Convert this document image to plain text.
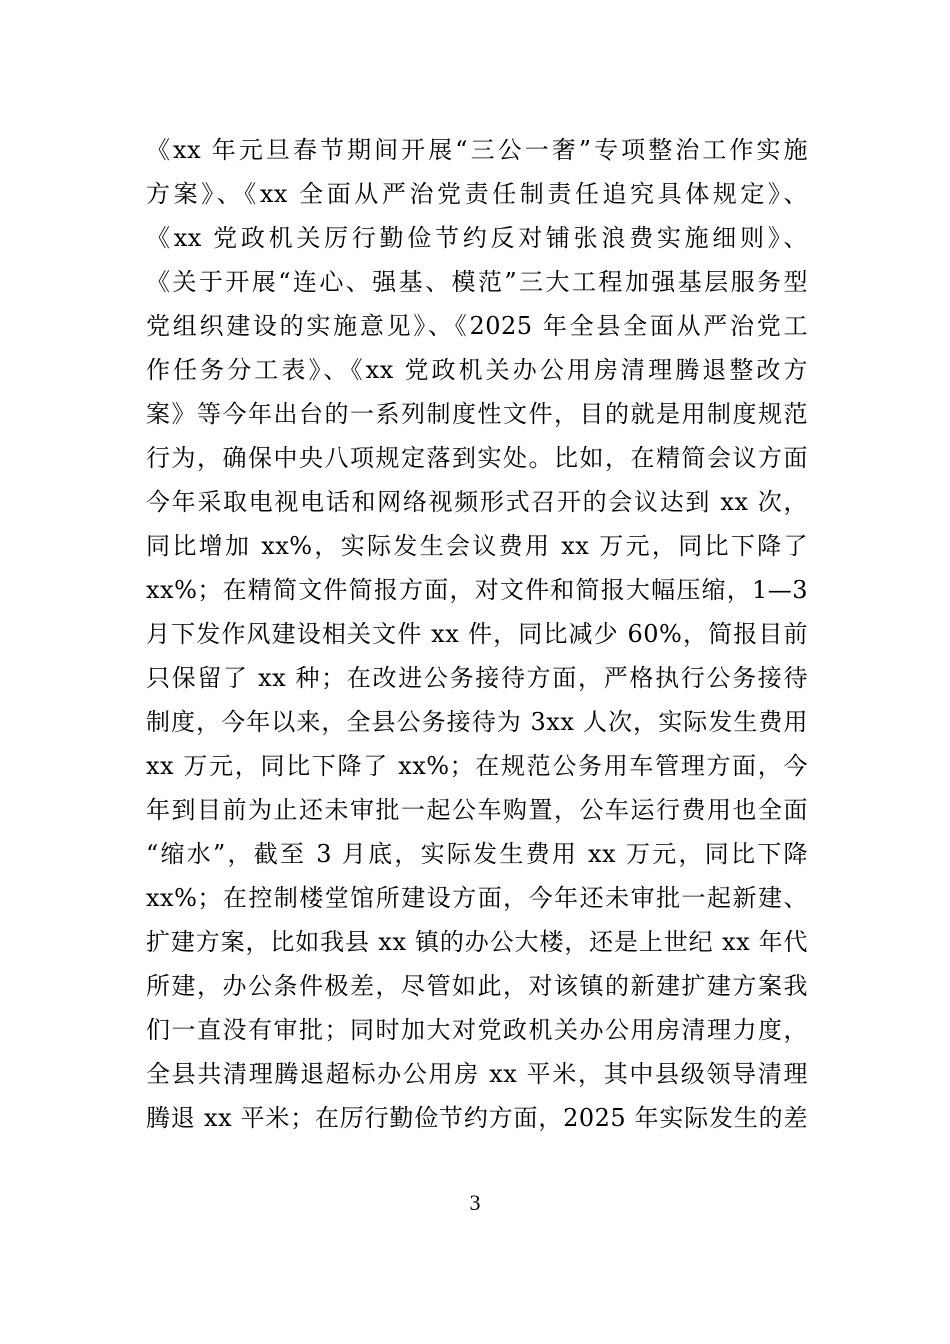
《xx 年元旦春节期间开展“三公一奢”专项整治工作实施
方案》、《xx 全面从严治党责任制责任追究具体规定》、
《xx 党政机关厉行勤俭节约反对铺张浪费实施细则》、
《关于开展“连心、强基、模范”三大工程加强基层服务型
党组织建设的实施意见》、《2025 年全县全面从严治党工
作任务分工表》、《xx 党政机关办公用房清理腾退整改方
案》等今年出台的一系列制度性文件，目的就是用制度规范
行为，确保中央八项规定落到实处。比如，在精简会议方面
今年采取电视电话和网络视频形式召开的会议达到 xx 次，
同比增加 xx%，实际发生会议费用 xx 万元，同比下降了
xx%；在精简文件简报方面，对文件和简报大幅压缩，1—3
月下发作风建设相关文件 xx 件，同比减少 60%，简报目前
只保留了 xx 种；在改进公务接待方面，严格执行公务接待
制度，今年以来，全县公务接待为 3xx 人次，实际发生费用
xx 万元，同比下降了 xx%；在规范公务用车管理方面，今
年到目前为止还未审批一起公车购置，公车运行费用也全面
“缩水”，截至 3 月底，实际发生费用 xx 万元，同比下降
xx%；在控制楼堂馆所建设方面，今年还未审批一起新建、
扩建方案，比如我县 xx 镇的办公大楼，还是上世纪 xx 年代
所建，办公条件极差，尽管如此，对该镇的新建扩建方案我
们一直没有审批；同时加大对党政机关办公用房清理力度，
全县共清理腾退超标办公用房 xx 平米，其中县级领导清理
腾退 xx 平米；在厉行勤俭节约方面，2025 年实际发生的差
3
